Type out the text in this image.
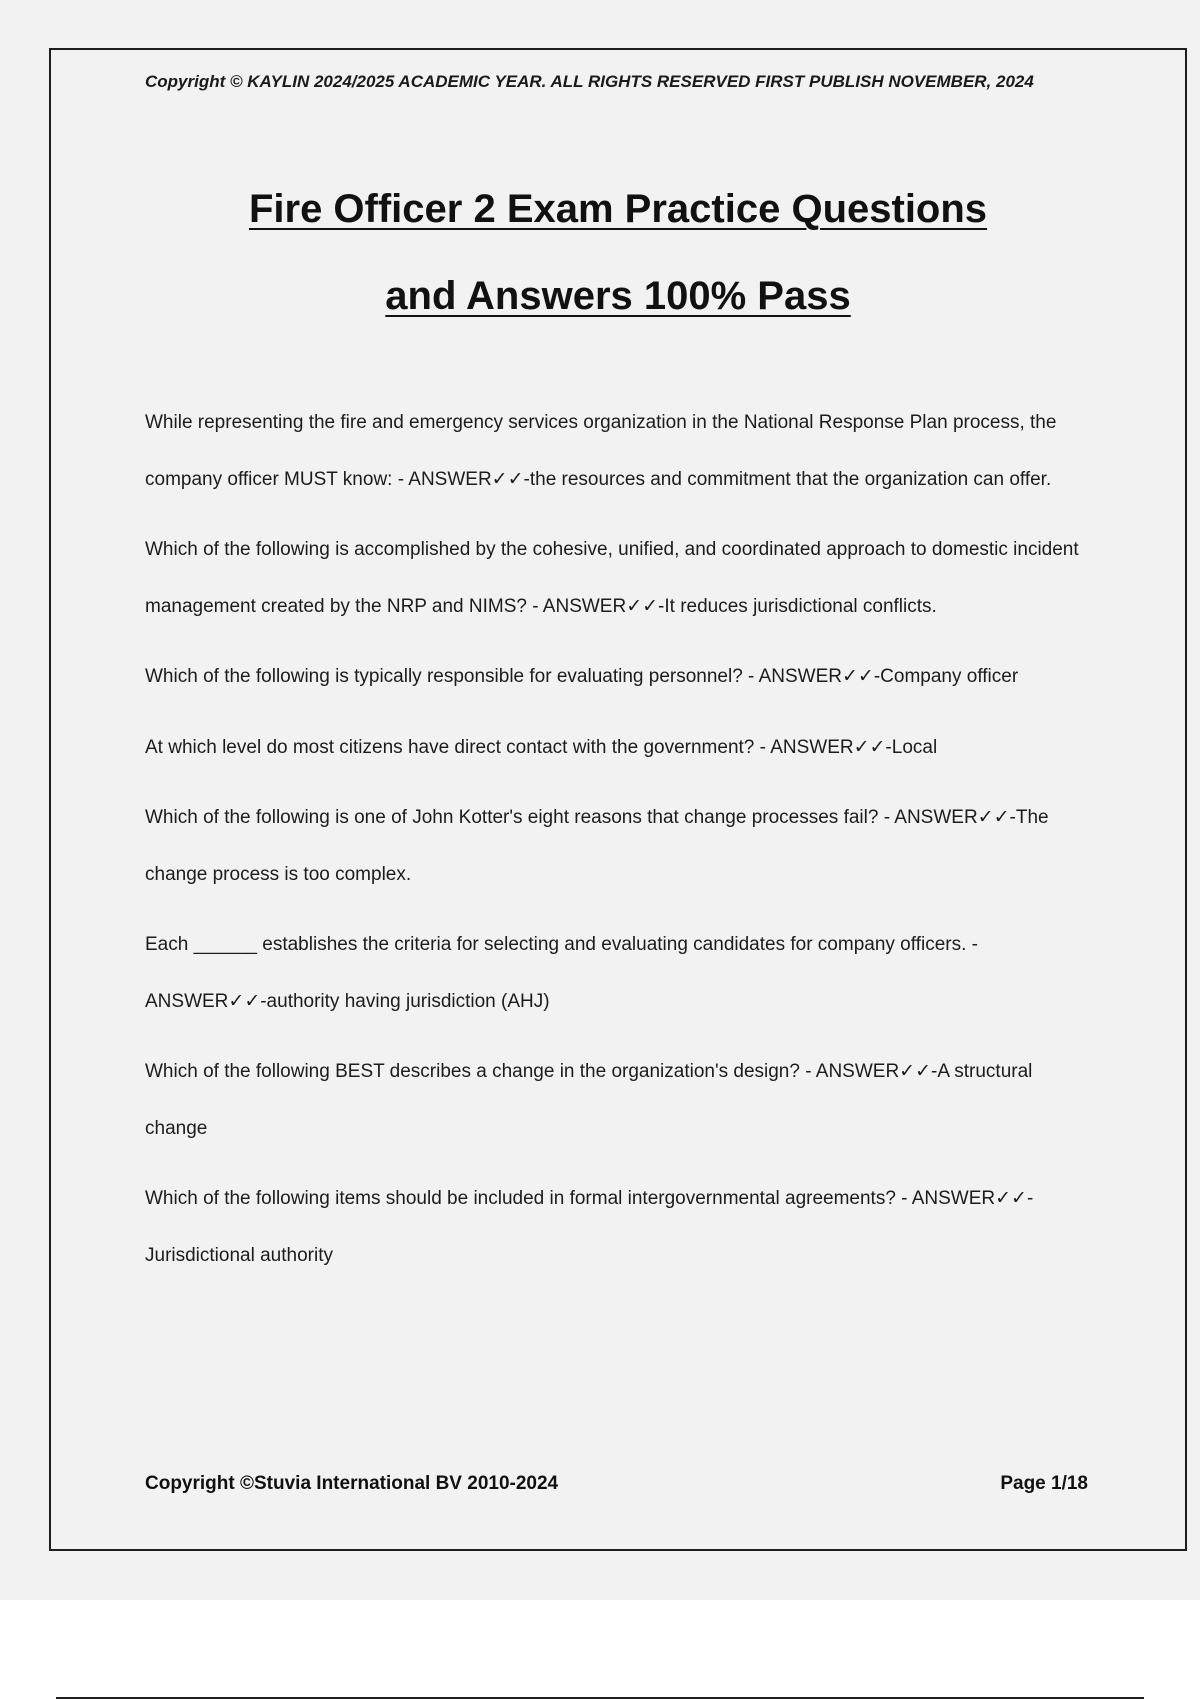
Copyright © KAYLIN 2024/2025 ACADEMIC YEAR. ALL RIGHTS RESERVED FIRST PUBLISH NOVEMBER, 2024
Fire Officer 2 Exam Practice Questions
and Answers 100% Pass

While representing the fire and emergency services organization in the National Response Plan process, the company officer MUST know: - ANSWER✓✓-the resources and commitment that the organization can offer.

Which of the following is accomplished by the cohesive, unified, and coordinated approach to domestic incident management created by the NRP and NIMS? - ANSWER✓✓-It reduces jurisdictional conflicts.

Which of the following is typically responsible for evaluating personnel? - ANSWER✓✓-Company officer

At which level do most citizens have direct contact with the government? - ANSWER✓✓-Local

Which of the following is one of John Kotter's eight reasons that change processes fail? - ANSWER✓✓-The change process is too complex.

Each ______ establishes the criteria for selecting and evaluating candidates for company officers. - ANSWER✓✓-authority having jurisdiction (AHJ)

Which of the following BEST describes a change in the organization's design? - ANSWER✓✓-A structural change

Which of the following items should be included in formal intergovernmental agreements? - ANSWER✓✓-Jurisdictional authority

Copyright ©Stuvia International BV 2010-2024	Page 1/18
